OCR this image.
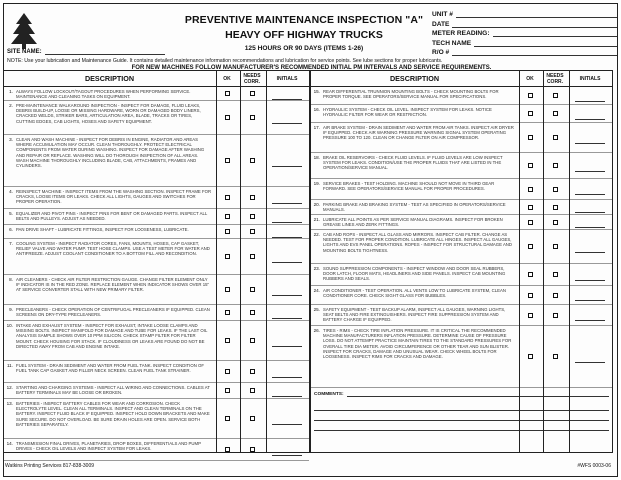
PREVENTIVE MAINTENANCE INSPECTION "A"
HEAVY OFF HIGHWAY TRUCKS
125 HOURS OR 90 DAYS (ITEMS 1-26)
UNIT #
DATE
METER READING:
TECH NAME
R/O #
SITE NAME:
NOTE: Use your lubrication and Maintenance Guide. It contains detailed maintenance information recommendations and lubrication for service points. See lube sections for proper lubricants.
FOR NEW MACHINES FOLLOW MANUFACTURER'S RECOMMENDED INITIAL PM INTERVALS AND SERVICE REQUIREMENTS.
DESCRIPTION	OK	NEEDS CORR.	INITIALS
1. ALWAYS FOLLOW LOCKOUT/TAGOUT PROCEDURES WHEN PERFORMING SERVICE. MAINTENANCE AND CLEANING TASKS ON EQUIPMENT.
2. PRE-MAINTENANCE WALKAROUND INSPECTION - INSPECT FOR DAMAGE, FLUID LEAKS, DEBRIS BUILD-UP, LOOSE OR MISSING HARDWARE, WORN OR DAMAGED BODY LINERS, CRACKED WELDS, STRIKER BARS, ARTICULATION AREA, BLADE, TRACKS OR TIRES, CUTTING EDGES, CAB LIGHTS, HOSES AND SAFETY EQUIPMENT.
3. CLEAN AND WASH MACHINE - INSPECT FOR DEBRIS IN ENGINE, RADIATOR AND AREAS WHERE ACCUMULATION MAY OCCUR. CLEAN THOROUGHLY. PROTECT ELECTRICAL COMPONENTS FROM WATER DURING WASHING. INSPECT FOR DAMAGE AFTER WASHING AND REPAIR OR REPLACE. WASHING WILL DO THOROUGH INSPECTION OF ALL AREAS. WASH MACHINE THOROUGHLY INCLUDING BLADE, CAB, ATTACHMENTS, FRAMES AND CYLINDERS.
4. REINSPECT MACHINE - INSPECT ITEMS FROM THE WASHING SECTION. INSPECT FRAME FOR CRACKS, LOOSE ITEMS OR LEAKS. CHECK ALL LIGHTS, GAUGES AND SWITCHES FOR PROPER OPERATION.
5. EQUALIZER AND PIVOT PINS - INSPECT PINS FOR BENT OR DAMAGED PARTS. INSPECT ALL BELTS AND PULLEYS. ADJUST AS NEEDED.
6. PAN DRIVE SHAFT - LUBRICATE FITTINGS, INSPECT FOR LOOSENESS, LUBRICATE.
7. COOLING SYSTEM - INSPECT RADIATOR CORES, FANS, MOUNTS, HOSES, CAP GASKET, RELIEF VALVE AND WATER PUMP. TEST HOSE CLAMPS. USE A TEST METER FOR WATER AND ANTIFREEZE. ADJUST COOLANT CONDITIONER TO A BOTTOM FILL AND RECONDITION.
8. AIR CLEANERS - CHECK AIR FILTER RESTRICTION GAUGE. CHANGE FILTER ELEMENT ONLY IF INDICATOR IS IN THE RED ZONE. REPLACE ELEMENT WHEN INDICATOR SHOWS OVER 15" AT SERVICE CONVERTER STALL WITH NEW PRIMARY FILTER.
9. PRECLEANERS - CHECK OPERATION OF CENTRIFUGAL PRECLEANERS IF EQUIPPED. CLEAN SCREENS ON DRY-TYPE PRECLEANERS.
10. INTAKE AND EXHAUST SYSTEM - INSPECT FOR EXHAUST, INTAKE LOOSE CLAMPS AND MISSING BOLTS. INSPECT MANIFOLD FOR DAMAGE AND TUBE FOR LEAKS. IF THE LAST OIL ANALYSIS SAMPLE SHOWS OVER 10 PPM SILICON. CHECK STAMP FILTER FOR FILTER MOUNT. CHECK HOUSING FOR STACK. IF CLOUDINESS OR LEAKS ARE FOUND DO NOT BE DIRECTED AWAY FROM CAB AND ENGINE INTAKE.
11. FUEL SYSTEM - DRAIN SEDIMENT AND WATER FROM FUEL TANK. INSPECT CONDITION OF FUEL TANK CAP GASKET AND FILLER NECK SCREEN. CLEAN FUEL TANK STRAINER.
12. STARTING AND CHARGING SYSTEMS - INSPECT ALL WIRING AND CONNECTIONS. CABLES AT BATTERY TERMINALS MAY BE LOOSE OR BROKEN.
13. BATTERIES - INSPECT BATTERY CABLES FOR WEAR AND CORROSION. CHECK ELECTROLYTE LEVEL. CLEAN ALL TERMINALS. INSPECT AND CLEAN TERMINALS ON THE BATTERY. INSPECT FLUID BLACK IF EQUIPPED. INSPECT HOLD DOWN BRACKETS AND MAKE SURE SECURE. DO NOT OVERLOAD. BE SURE DRAIN HOLES ARE OPEN. SERVICE BOTH BATTERIES SEPARATELY.
14. TRANSMISSION FINAL DRIVES, PLANETARIES, DROP BOXES, DIFFERENTIALS AND PUMP DRIVES - CHECK OIL LEVELS AND INSPECT SYSTEM FOR LEAKS.
DESCRIPTION	OK	NEEDS CORR.	INITIALS
15. REAR DIFFERENTIAL TRUNNION MOUNTING BOLTS - CHECK MOUNTING BOLTS FOR PROPER TORQUE. SEE OPERATORS/SERVICE MANUAL FOR SPECIFICATIONS.
16. HYDRAULIC SYSTEM - CHECK OIL LEVEL. INSPECT SYSTEM FOR LEAKS. NOTICE HYDRAULIC FILTER FOR WEAR OR RESTRICTION.
17. AIR BRAKE SYSTEM - DRAIN SEDIMENT AND WATER FROM AIR TANKS. INSPECT AIR DRYER IF EQUIPPED. CHECK AIR WARNING PRESSURE WARNING SIGNAL SYSTEM OPERATING PRESSURE 100 TO 120. CLEAN OR CHANGE FILTER ON AIR COMPRESSOR.
18. BRAKE OIL RESERVOIRS - CHECK FLUID LEVELS. IF FLUID LEVELS ARE LOW INSPECT SYSTEM FOR LEAKS. CONDITION/USE THE PROPER FLUIDS THAT ARE LISTED IN THE OPERATION/SERVICE MANUAL.
19. SERVICE BRAKES - TEST HOLDING. MACHINE SHOULD NOT MOVE IN THIRD GEAR FORWARD. SEE OPERATORS/SERVICE MANUAL FOR PROPER PROCEDURES.
20. PARKING BRAKE AND BRAKING SYSTEM - TEST AS SPECIFIED IN OPERATORS/SERVICE MANUALS.
21. LUBRICATE ALL POINTS AS PER SERVICE MANUAL DIAGRAMS. INSPECT FOR BROKEN GREASE LINES AND ZERK FITTINGS.
22. CAB AND ROPS - INSPECT ALL GLASS AND MIRRORS. INSPECT CAB FILTER. CHANGE AS NEEDED. TEST FOR PROPER CONDITION. LUBRICATE ALL HINGES. INSPECT ALL GAUGES, LIGHTS AND EVS PANEL OPERATIONS. ROPES - INSPECT FOR STRUCTURAL DAMAGE AND MOUNTING BOLTS TIGHTNESS.
23. SOUND SUPPRESSION COMPONENTS - INSPECT WINDOW AND DOOR SEAL RUBBERS, DOOR LATCH, FLOOR MATS, HEADLINERS AND SIDE PANELS. INSPECT CAB MOUNTING RUBBERS AND SEALS.
24. AIR CONDITIONER - TEST OPERATION. ALL VENTS LOW TO LUBRICATE SYSTEM, CLEAN CONDITIONER CORE. CHECK SIGHT GLASS FOR BUBBLES.
25. SAFETY EQUIPMENT - TEST BACKUP ALARM, INSPECT ALL GAUGES, WARNING LIGHTS, SEAT BELTS AND FIRE EXTINGUISHERS. INSPECT FIRE SUPPRESSION SYSTEM AND BATTERY CHARGE IF EQUIPPED.
26. TIRES - RIMS - CHECK TIRE INFLATION PRESSURE. IT IS CRITICAL THE RECOMMENDED MACHINE MANUFACTURERS INFLATION PRESSURE. DETERMINE CAUSE OF PRESSURE LOSS. DO NOT ATTEMPT PRACTICE MAINTAIN TIRES TO THE STANDARD PRESSURES FOR OVERALL TIRE DIA METER. AVOID CIRCUMFERENCE OR OTHER TEAR AND SUN BLISTER. INSPECT FOR CRACKS, DAMAGE AND UNUSUAL WEAR. CHECK WHEEL BOLTS FOR LOOSENESS. INSPECT RIMS FOR CRACKS AND DAMAGE.
COMMENTS:
Watkins Printing Services 817-838-3009	#WFS 0003-06
